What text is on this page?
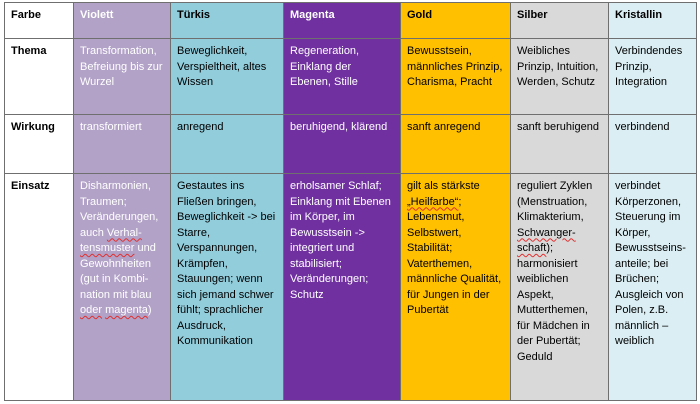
Farbe	Violett	Türkis	Magenta	Gold	Silber	Kristallin
Thema	Transformation, Befreiung bis zur Wurzel	Beweglichkeit, Verspieltheit, altes Wissen	Regeneration, Einklang der Ebenen, Stille	Bewusstsein, männliches Prinzip, Charisma, Pracht	Weibliches Prinzip, Intuition, Werden, Schutz	Verbindendes Prinzip, Integration
Wirkung	transformiert	anregend	beruhigend, klärend	sanft anregend	sanft beruhigend	verbindend
Einsatz	Disharmonien, Traumen; Veränderungen, auch Verhal-tensmuster und Gewohnheiten (gut in Kombi-nation mit blau oder magenta)	Gestautes ins Fließen bringen, Beweglichkeit -> bei Starre, Verspannungen, Krämpfen, Stauungen; wenn sich jemand schwer fühlt; sprachlicher Ausdruck, Kommunikation	erholsamer Schlaf; Einklang mit Ebenen im Körper, im Bewusstsein -> integriert und stabilisiert; Veränderungen; Schutz	gilt als stärkste „Heilfarbe“; Lebensmut, Selbstwert, Stabilität; Vaterthemen, männliche Qualität, für Jungen in der Pubertät	reguliert Zyklen (Menstruation, Klimakterium, Schwanger-schaft); harmonisiert weiblichen Aspekt, Mutterthemen, für Mädchen in der Pubertät; Geduld	verbindet Körperzonen, Steuerung im Körper, Bewusstseins-anteile; bei Brüchen; Ausgleich von Polen, z.B. männlich – weiblich
